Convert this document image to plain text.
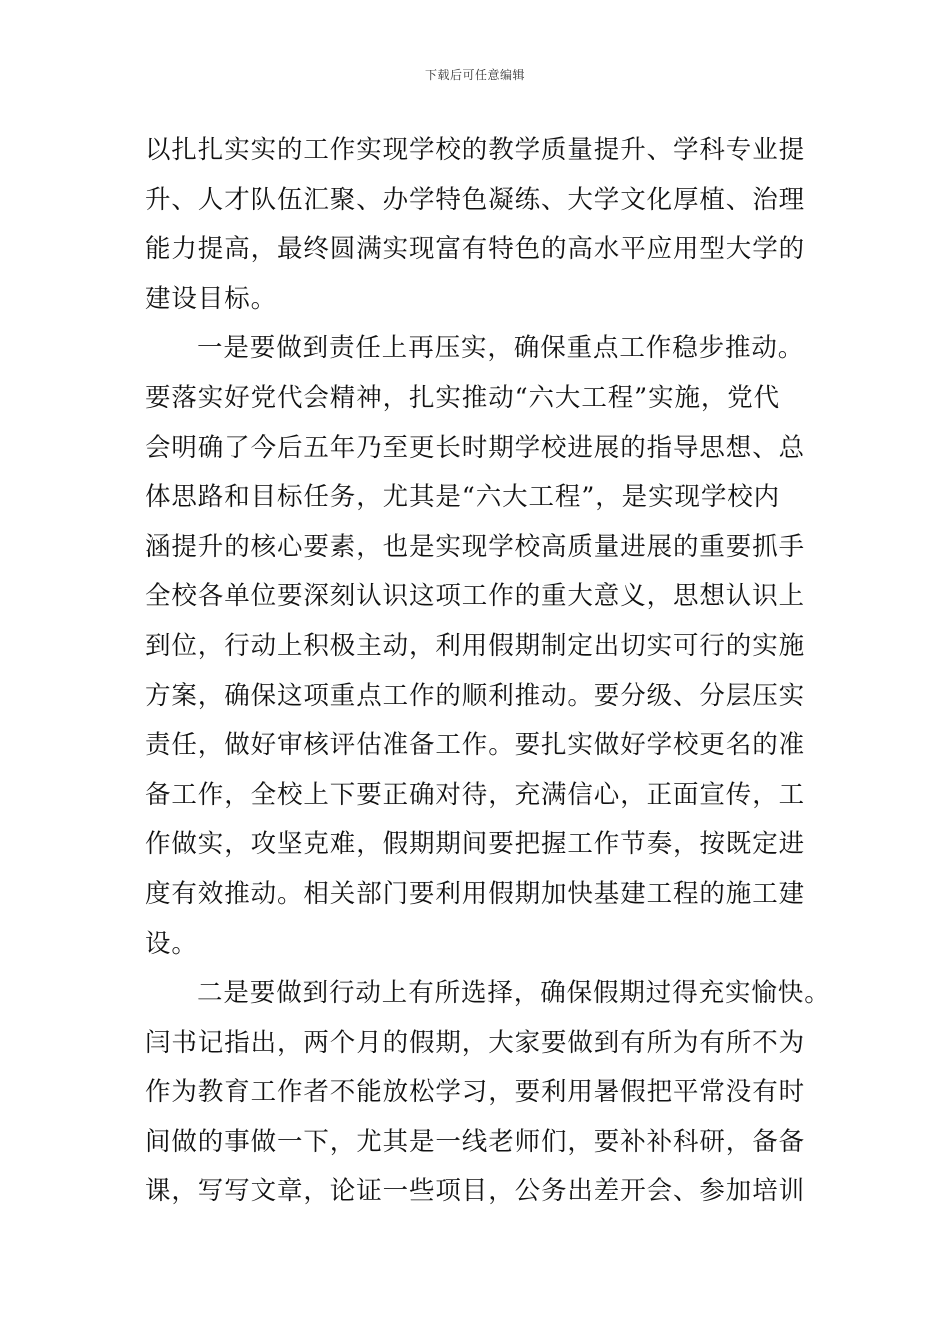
下载后可任意编辑
以扎扎实实的工作实现学校的教学质量提升、学科专业提
升、人才队伍汇聚、办学特色凝练、大学文化厚植、治理
能力提高，最终圆满实现富有特色的高水平应用型大学的
建设目标。
一是要做到责任上再压实，确保重点工作稳步推动。
要落实好党代会精神，扎实推动“六大工程”实施，党代
会明确了今后五年乃至更长时期学校进展的指导思想、总
体思路和目标任务，尤其是“六大工程”，是实现学校内
涵提升的核心要素，也是实现学校高质量进展的重要抓手
全校各单位要深刻认识这项工作的重大意义，思想认识上
到位，行动上积极主动，利用假期制定出切实可行的实施
方案，确保这项重点工作的顺利推动。要分级、分层压实
责任，做好审核评估准备工作。要扎实做好学校更名的准
备工作，全校上下要正确对待，充满信心，正面宣传，工
作做实，攻坚克难，假期期间要把握工作节奏，按既定进
度有效推动。相关部门要利用假期加快基建工程的施工建
设。
二是要做到行动上有所选择，确保假期过得充实愉快。
闫书记指出，两个月的假期，大家要做到有所为有所不为
作为教育工作者不能放松学习，要利用暑假把平常没有时
间做的事做一下，尤其是一线老师们，要补补科研，备备
课，写写文章，论证一些项目，公务出差开会、参加培训
